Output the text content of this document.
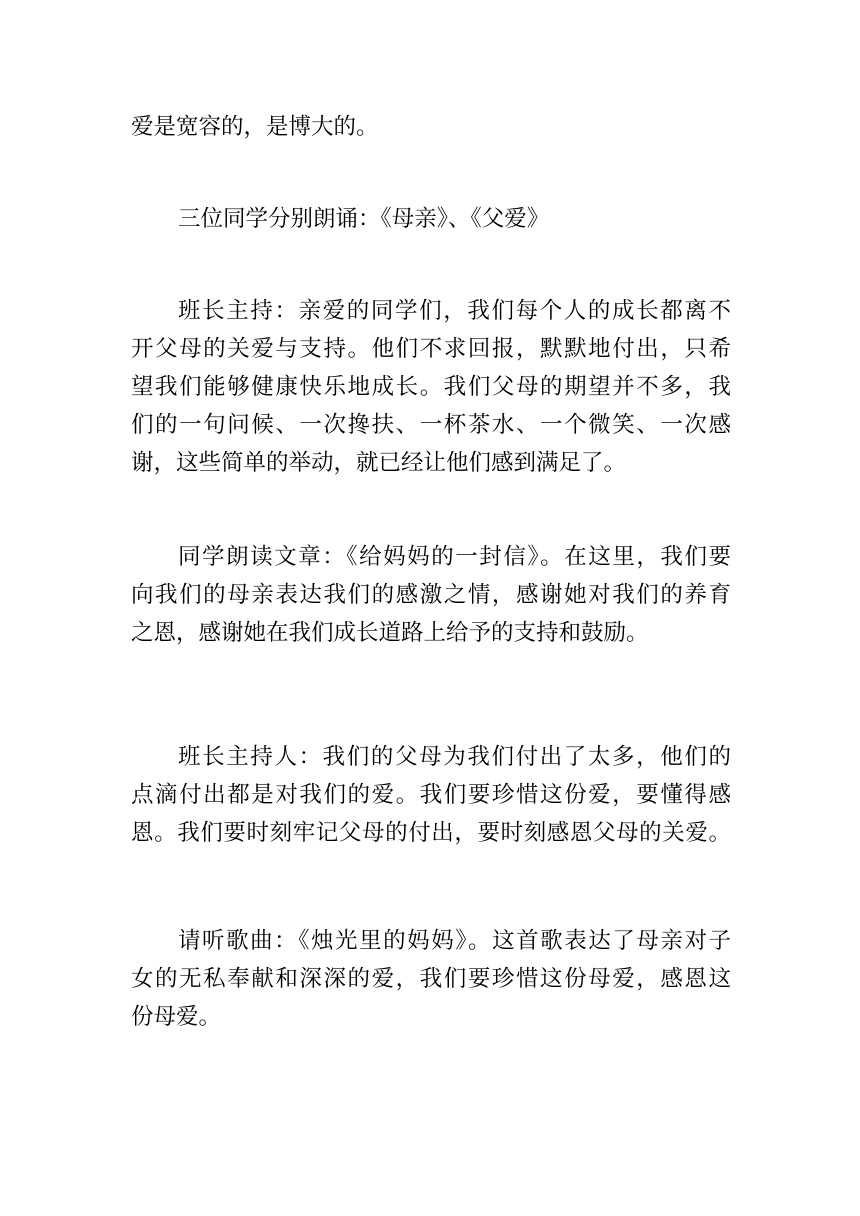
爱是宽容的，是博大的。
三位同学分别朗诵：《母亲》、《父爱》
班长主持：亲爱的同学们，我们每个人的成长都离不
开父母的关爱与支持。他们不求回报，默默地付出，只希
望我们能够健康快乐地成长。我们父母的期望并不多，我
们的一句问候、一次搀扶、一杯茶水、一个微笑、一次感
谢，这些简单的举动，就已经让他们感到满足了。
同学朗读文章：《给妈妈的一封信》。在这里，我们要
向我们的母亲表达我们的感激之情，感谢她对我们的养育
之恩，感谢她在我们成长道路上给予的支持和鼓励。
班长主持人：我们的父母为我们付出了太多，他们的
点滴付出都是对我们的爱。我们要珍惜这份爱，要懂得感
恩。我们要时刻牢记父母的付出，要时刻感恩父母的关爱。
请听歌曲：《烛光里的妈妈》。这首歌表达了母亲对子
女的无私奉献和深深的爱，我们要珍惜这份母爱，感恩这
份母爱。
